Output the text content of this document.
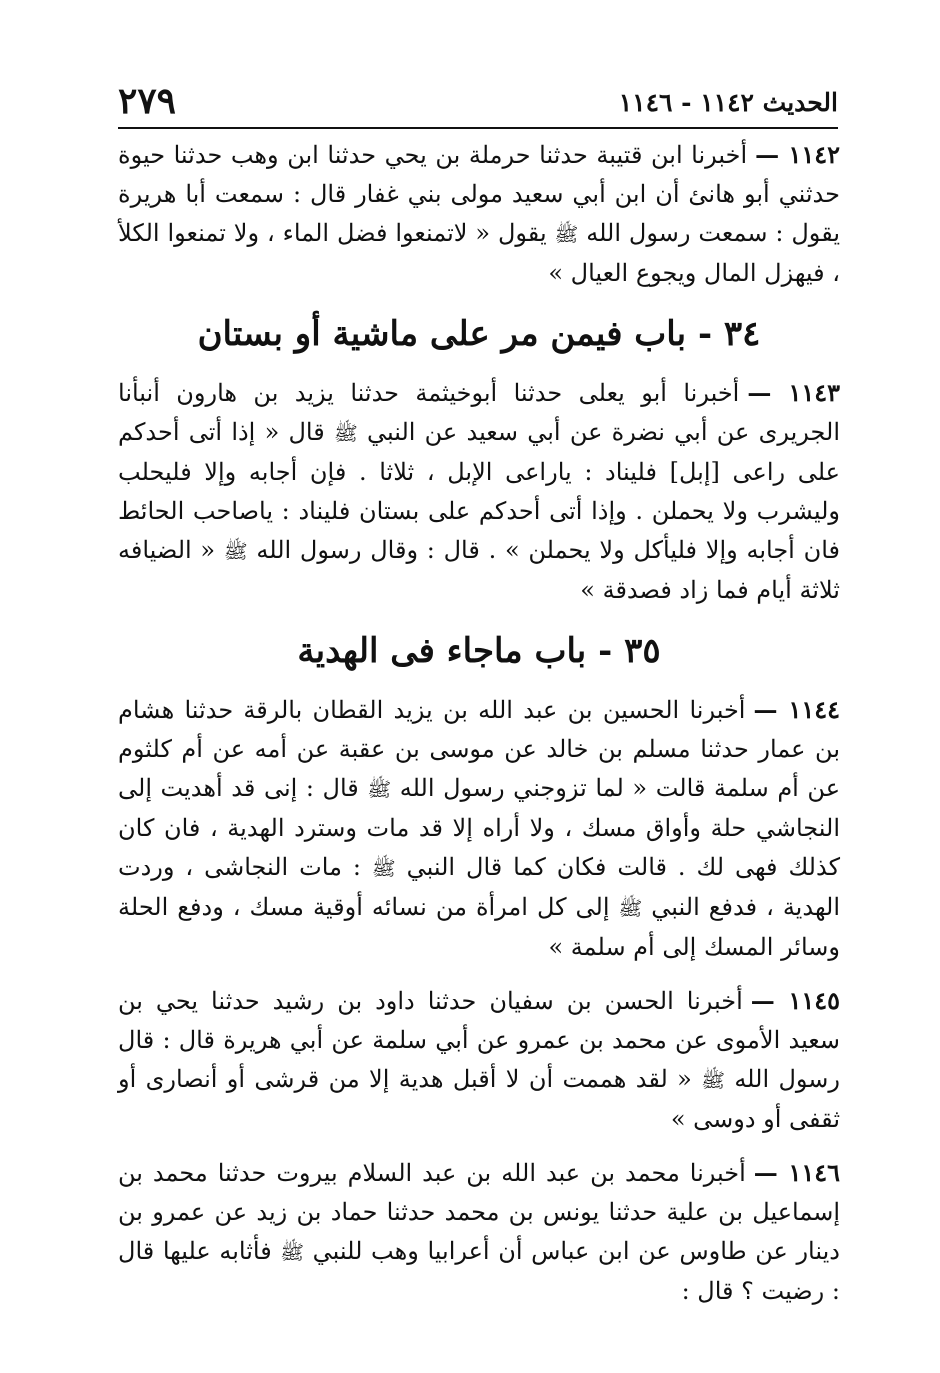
الحديث ١١٤٢ - ١١٤٦
٢٧٩

١١٤٢ —أخبرنا ابن قتيبة حدثنا حرملة بن يحي حدثنا ابن وهب حدثنا حيوة حدثني أبو هانئ أن ابن أبي سعيد مولى بني غفار قال : سمعت أبا هريرة يقول : سمعت رسول الله ﷺ يقول « لاتمنعوا فضل الماء ، ولا تمنعوا الكلأ ، فيهزل المال ويجوع العيال »

٣٤ - باب فيمن مر على ماشية أو بستان

١١٤٣ —أخبرنا أبو يعلى حدثنا أبوخيثمة حدثنا يزيد بن هارون أنبأنا الجريرى عن أبي نضرة عن أبي سعيد عن النبي ﷺ قال « إذا أتى أحدكم على راعى [إبل] فليناد : ياراعى الإبل ، ثلاثا . فإن أجابه وإلا فليحلب وليشرب ولا يحملن . وإذا أتى أحدكم على بستان فليناد : ياصاحب الحائط فان أجابه وإلا فليأكل ولا يحملن » . قال : وقال رسول الله ﷺ « الضيافه ثلاثة أيام فما زاد فصدقة »

٣٥ - باب ماجاء فى الهدية

١١٤٤ —أخبرنا الحسين بن عبد الله بن يزيد القطان بالرقة حدثنا هشام بن عمار حدثنا مسلم بن خالد عن موسى بن عقبة عن أمه عن أم كلثوم عن أم سلمة قالت « لما تزوجني رسول الله ﷺ قال : إنى قد أهديت إلى النجاشي حلة وأواق مسك ، ولا أراه إلا قد مات وسترد الهدية ، فان كان كذلك فهى لك . قالت فكان كما قال النبي ﷺ : مات النجاشى ، وردت الهدية ، فدفع النبي ﷺ إلى كل امرأة من نسائه أوقية مسك ، ودفع الحلة وسائر المسك إلى أم سلمة »

١١٤٥ —أخبرنا الحسن بن سفيان حدثنا داود بن رشيد حدثنا يحي بن سعيد الأموى عن محمد بن عمرو عن أبي سلمة عن أبي هريرة قال : قال رسول الله ﷺ « لقد هممت أن لا أقبل هدية إلا من قرشى أو أنصارى أو ثقفى أو دوسى »

١١٤٦ —أخبرنا محمد بن عبد الله بن عبد السلام بيروت حدثنا محمد بن إسماعيل بن علية حدثنا يونس بن محمد حدثنا حماد بن زيد عن عمرو بن دينار عن طاوس عن ابن عباس أن أعرابيا وهب للنبي ﷺ فأثابه عليها قال : رضيت ؟ قال :
